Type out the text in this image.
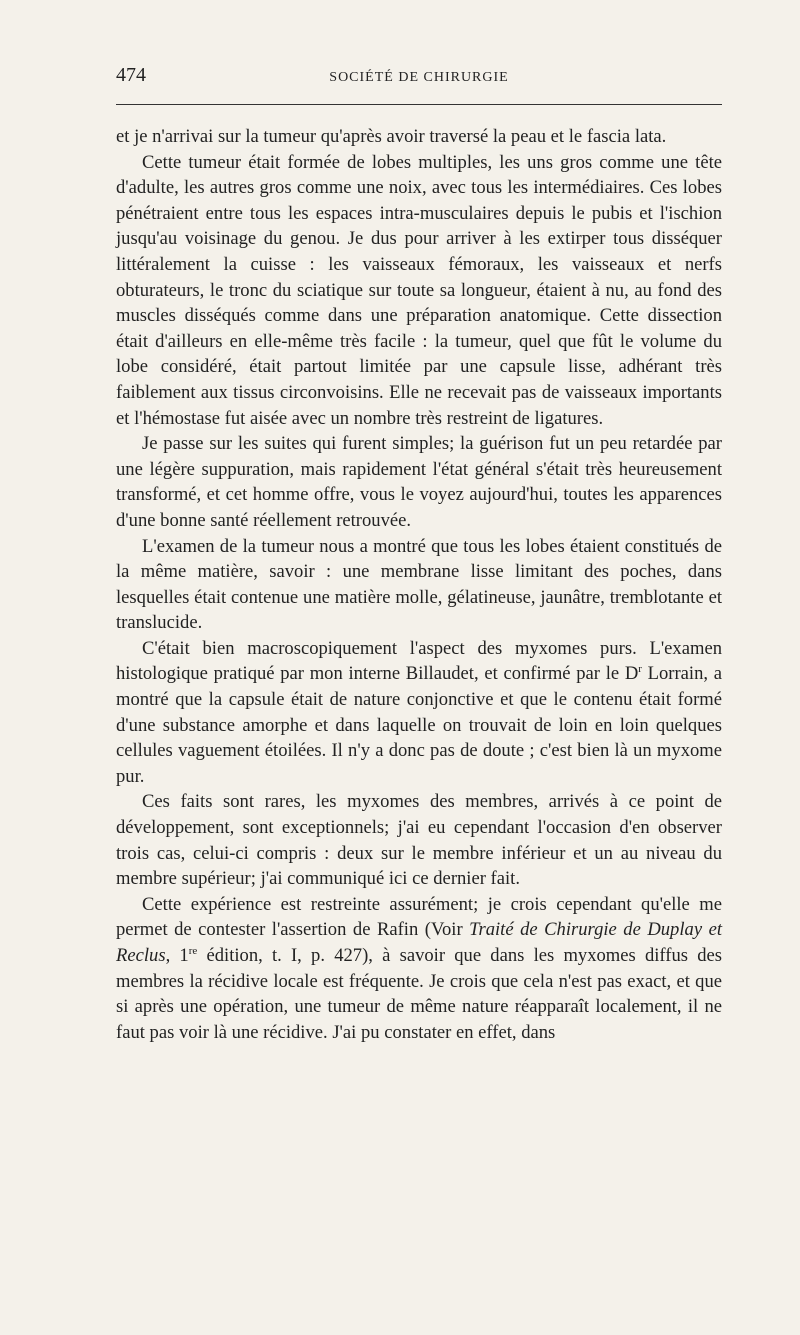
474	SOCIÉTÉ DE CHIRURGIE

et je n'arrivai sur la tumeur qu'après avoir traversé la peau et le fascia lata.

Cette tumeur était formée de lobes multiples, les uns gros comme une tête d'adulte, les autres gros comme une noix, avec tous les intermédiaires. Ces lobes pénétraient entre tous les espaces intra-musculaires depuis le pubis et l'ischion jusqu'au voisinage du genou. Je dus pour arriver à les extirper tous disséquer littéralement la cuisse : les vaisseaux fémoraux, les vaisseaux et nerfs obturateurs, le tronc du sciatique sur toute sa longueur, étaient à nu, au fond des muscles disséqués comme dans une préparation anatomique. Cette dissection était d'ailleurs en elle-même très facile : la tumeur, quel que fût le volume du lobe considéré, était partout limitée par une capsule lisse, adhérant très faiblement aux tissus circonvoisins. Elle ne recevait pas de vaisseaux importants et l'hémostase fut aisée avec un nombre très restreint de ligatures.

Je passe sur les suites qui furent simples; la guérison fut un peu retardée par une légère suppuration, mais rapidement l'état général s'était très heureusement transformé, et cet homme offre, vous le voyez aujourd'hui, toutes les apparences d'une bonne santé réellement retrouvée.

L'examen de la tumeur nous a montré que tous les lobes étaient constitués de la même matière, savoir : une membrane lisse limitant des poches, dans lesquelles était contenue une matière molle, gélatineuse, jaunâtre, tremblotante et translucide.

C'était bien macroscopiquement l'aspect des myxomes purs. L'examen histologique pratiqué par mon interne Billaudet, et confirmé par le $D^r$ Lorrain, a montré que la capsule était de nature conjonctive et que le contenu était formé d'une substance amorphe et dans laquelle on trouvait de loin en loin quelques cellules vaguement étoilées. Il n'y a donc pas de doute ; c'est bien là un myxome pur.

Ces faits sont rares, les myxomes des membres, arrivés à ce point de développement, sont exceptionnels; j'ai eu cependant l'occasion d'en observer trois cas, celui-ci compris : deux sur le membre inférieur et un au niveau du membre supérieur; j'ai communiqué ici ce dernier fait.

Cette expérience est restreinte assurément; je crois cependant qu'elle me permet de contester l'assertion de Rafin (Voir Traité de Chirurgie de Duplay et Reclus, 1re édition, t. I, p. 427), à savoir que dans les myxomes diffus des membres la récidive locale est fréquente. Je crois que cela n'est pas exact, et que si après une opération, une tumeur de même nature réapparaît localement, il ne faut pas voir là une récidive. J'ai pu constater en effet, dans
